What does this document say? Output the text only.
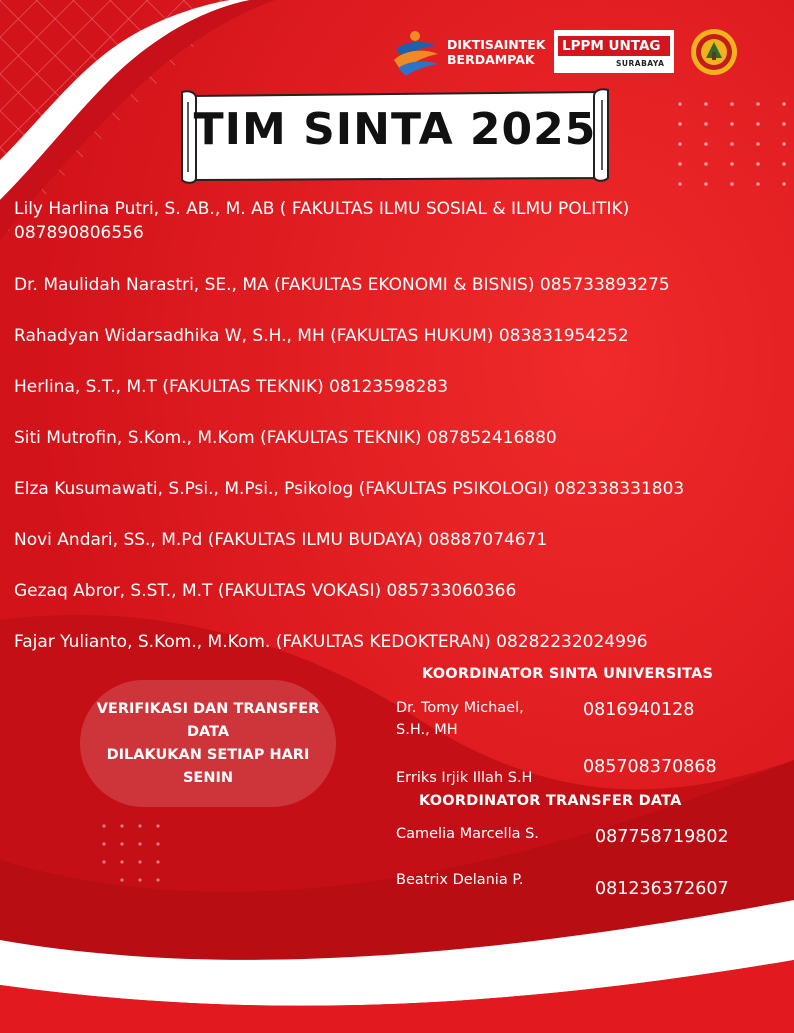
DIKTISAINTEK
BERDAMPAK
LPPM UNTAG
SURABAYA
TIM SINTA 2025
Lily Harlina Putri, S. AB., M. AB ( FAKULTAS ILMU SOSIAL & ILMU POLITIK) 087890806556
Dr. Maulidah Narastri, SE., MA (FAKULTAS EKONOMI & BISNIS) 085733893275
Rahadyan Widarsadhika W, S.H., MH (FAKULTAS HUKUM) 083831954252
Herlina, S.T., M.T (FAKULTAS TEKNIK) 08123598283
Siti Mutrofin, S.Kom., M.Kom (FAKULTAS TEKNIK) 087852416880
Elza Kusumawati, S.Psi., M.Psi., Psikolog (FAKULTAS PSIKOLOGI) 082338331803
Novi Andari, SS., M.Pd (FAKULTAS ILMU BUDAYA) 08887074671
Gezaq Abror, S.ST., M.T (FAKULTAS VOKASI) 085733060366
Fajar Yulianto, S.Kom., M.Kom. (FAKULTAS KEDOKTERAN) 08282232024996
VERIFIKASI DAN TRANSFER
DATA
DILAKUKAN SETIAP HARI
SENIN
KOORDINATOR SINTA UNIVERSITAS
Dr. Tomy Michael,
S.H., MH
0816940128
Erriks Irjik Illah S.H
085708370868
KOORDINATOR TRANSFER DATA
Camelia Marcella S.	087758719802
Beatrix Delania P.	081236372607
